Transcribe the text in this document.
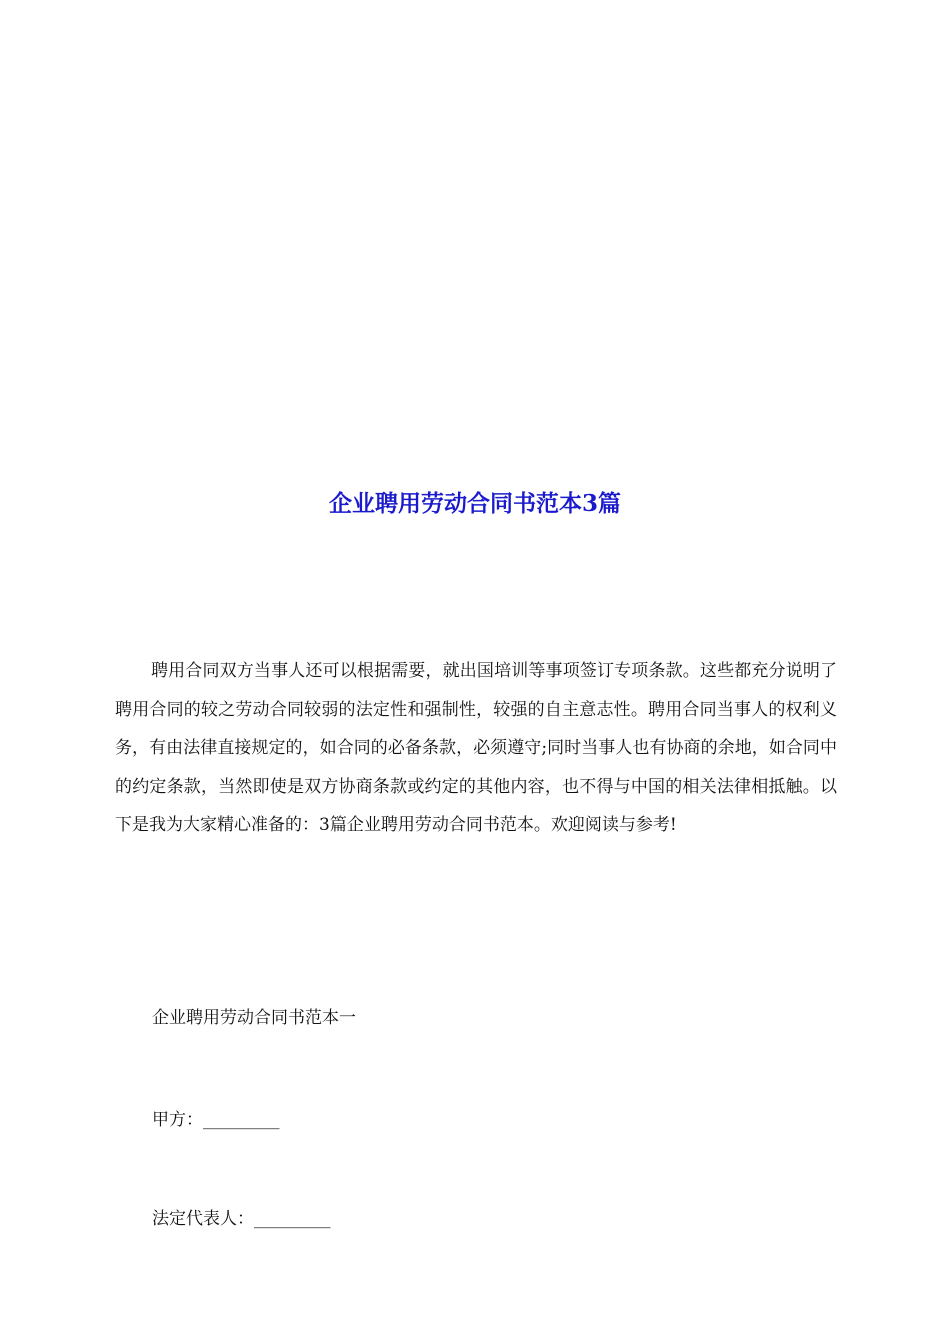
企业聘用劳动合同书范本3篇

聘用合同双方当事人还可以根据需要，就出国培训等事项签订专项条款。这些都充分说明了聘用合同的较之劳动合同较弱的法定性和强制性，较强的自主意志性。聘用合同当事人的权利义务，有由法律直接规定的，如合同的必备条款，必须遵守;同时当事人也有协商的余地，如合同中的约定条款，当然即使是双方协商条款或约定的其他内容，也不得与中国的相关法律相抵触。以下是我为大家精心准备的：3篇企业聘用劳动合同书范本。欢迎阅读与参考!

企业聘用劳动合同书范本一

甲方：_________

法定代表人：_________
